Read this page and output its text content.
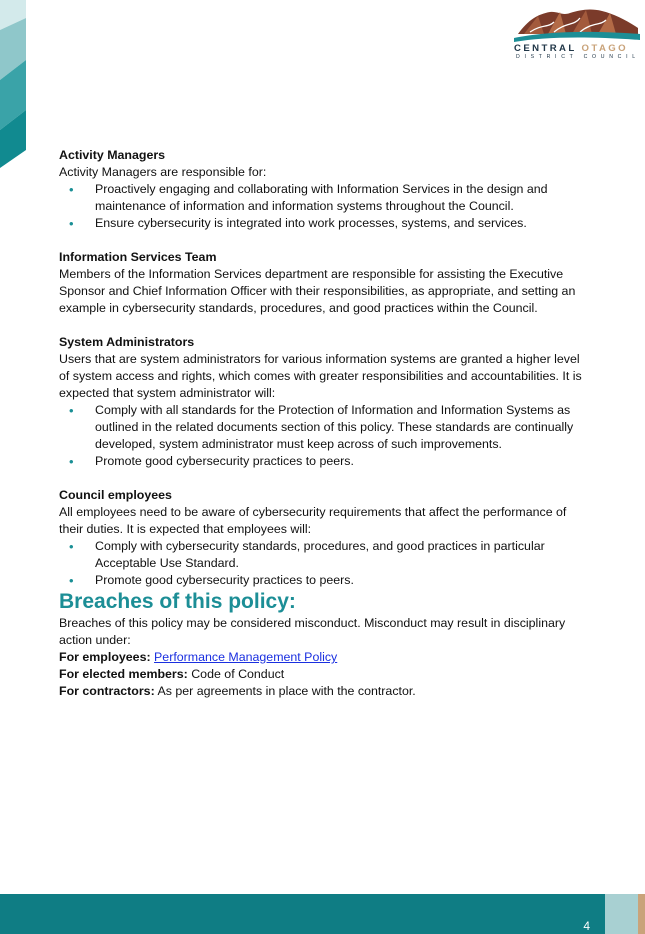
CENTRAL OTAGO
DISTRICT COUNCIL

Activity Managers

Activity Managers are responsible for:

• Proactively engaging and collaborating with Information Services in the design and maintenance of information and information systems throughout the Council.
• Ensure cybersecurity is integrated into work processes, systems, and services.

Information Services Team

Members of the Information Services department are responsible for assisting the Executive Sponsor and Chief Information Officer with their responsibilities, as appropriate, and setting an example in cybersecurity standards, procedures, and good practices within the Council.

System Administrators

Users that are system administrators for various information systems are granted a higher level of system access and rights, which comes with greater responsibilities and accountabilities. It is expected that system administrator will:

• Comply with all standards for the Protection of Information and Information Systems as outlined in the related documents section of this policy. These standards are continually developed, system administrator must keep across of such improvements.
• Promote good cybersecurity practices to peers.

Council employees

All employees need to be aware of cybersecurity requirements that affect the performance of their duties. It is expected that employees will:

• Comply with cybersecurity standards, procedures, and good practices in particular Acceptable Use Standard.
• Promote good cybersecurity practices to peers.

Breaches of this policy:

Breaches of this policy may be considered misconduct. Misconduct may result in disciplinary action under:

For employees: Performance Management Policy

For elected members: Code of Conduct

For contractors: As per agreements in place with the contractor.

4
